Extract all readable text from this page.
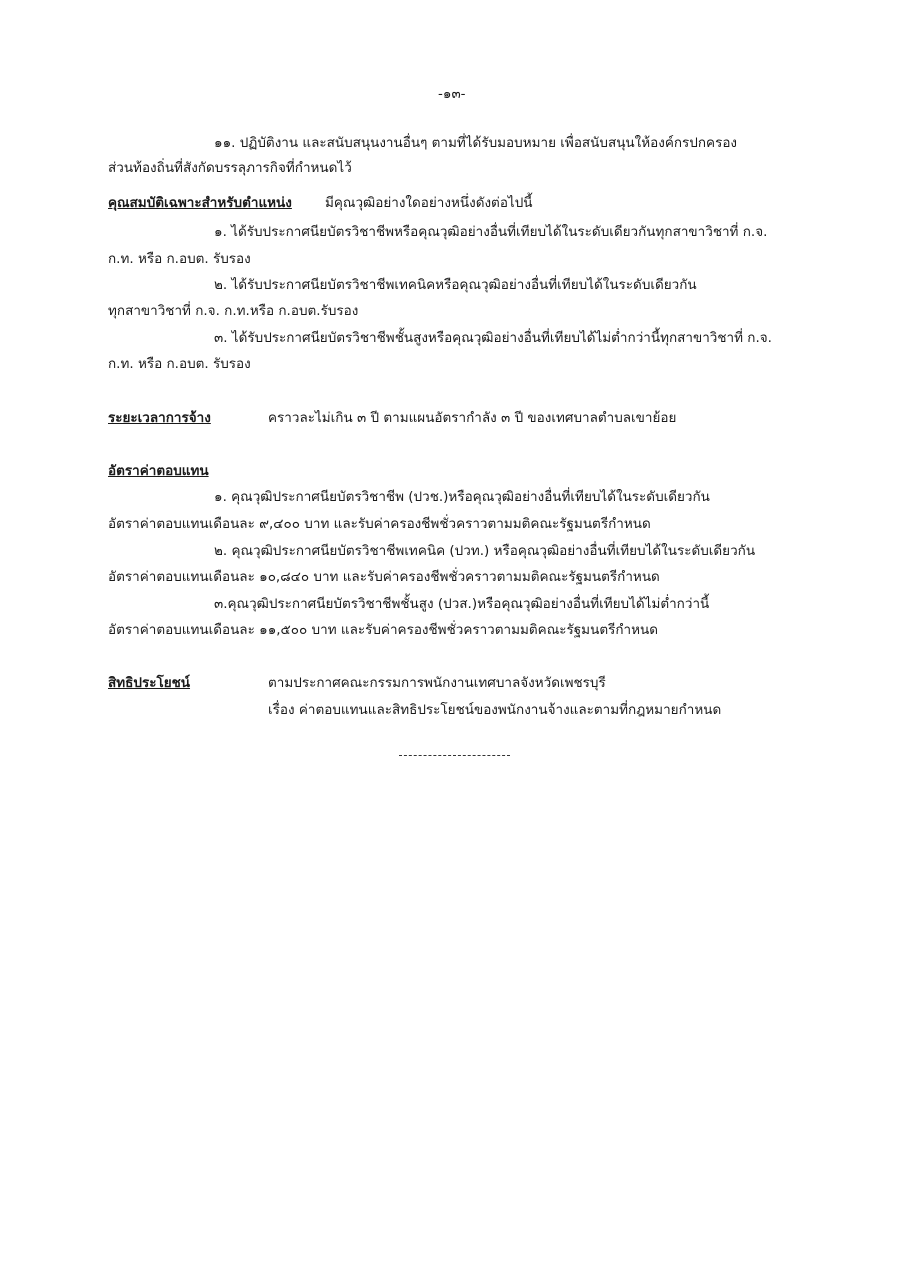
-๑๓-
๑๑. ปฏิบัติงาน และสนับสนุนงานอื่นๆ ตามที่ได้รับมอบหมาย เพื่อสนับสนุนให้องค์กรปกครอง
ส่วนท้องถิ่นที่สังกัดบรรลุภารกิจที่กำหนดไว้
คุณสมบัติเฉพาะสำหรับตำแหน่ง มีคุณวุฒิอย่างใดอย่างหนึ่งดังต่อไปนี้
๑. ได้รับประกาศนียบัตรวิชาชีพหรือคุณวุฒิอย่างอื่นที่เทียบได้ในระดับเดียวกันทุกสาขาวิชาที่ ก.จ.
ก.ท. หรือ ก.อบต. รับรอง
๒. ได้รับประกาศนียบัตรวิชาชีพเทคนิคหรือคุณวุฒิอย่างอื่นที่เทียบได้ในระดับเดียวกัน
ทุกสาขาวิชาที่ ก.จ. ก.ท.หรือ ก.อบต.รับรอง
๓. ได้รับประกาศนียบัตรวิชาชีพชั้นสูงหรือคุณวุฒิอย่างอื่นที่เทียบได้ไม่ต่ำกว่านี้ทุกสาขาวิชาที่ ก.จ.
ก.ท. หรือ ก.อบต. รับรอง
ระยะเวลาการจ้าง	คราวละไม่เกิน ๓ ปี ตามแผนอัตรากำลัง ๓ ปี ของเทศบาลตำบลเขาย้อย
อัตราค่าตอบแทน
๑. คุณวุฒิประกาศนียบัตรวิชาชีพ (ปวช.)หรือคุณวุฒิอย่างอื่นที่เทียบได้ในระดับเดียวกัน
อัตราค่าตอบแทนเดือนละ ๙,๔๐๐ บาท และรับค่าครองชีพชั่วคราวตามมติคณะรัฐมนตรีกำหนด
๒. คุณวุฒิประกาศนียบัตรวิชาชีพเทคนิค (ปวท.) หรือคุณวุฒิอย่างอื่นที่เทียบได้ในระดับเดียวกัน
อัตราค่าตอบแทนเดือนละ ๑๐,๘๔๐ บาท และรับค่าครองชีพชั่วคราวตามมติคณะรัฐมนตรีกำหนด
๓.คุณวุฒิประกาศนียบัตรวิชาชีพชั้นสูง (ปวส.)หรือคุณวุฒิอย่างอื่นที่เทียบได้ไม่ต่ำกว่านี้
อัตราค่าตอบแทนเดือนละ ๑๑,๕๐๐ บาท และรับค่าครองชีพชั่วคราวตามมติคณะรัฐมนตรีกำหนด
สิทธิประโยชน์	ตามประกาศคณะกรรมการพนักงานเทศบาลจังหวัดเพชรบุรี
เรื่อง ค่าตอบแทนและสิทธิประโยชน์ของพนักงานจ้างและตามที่กฎหมายกำหนด
